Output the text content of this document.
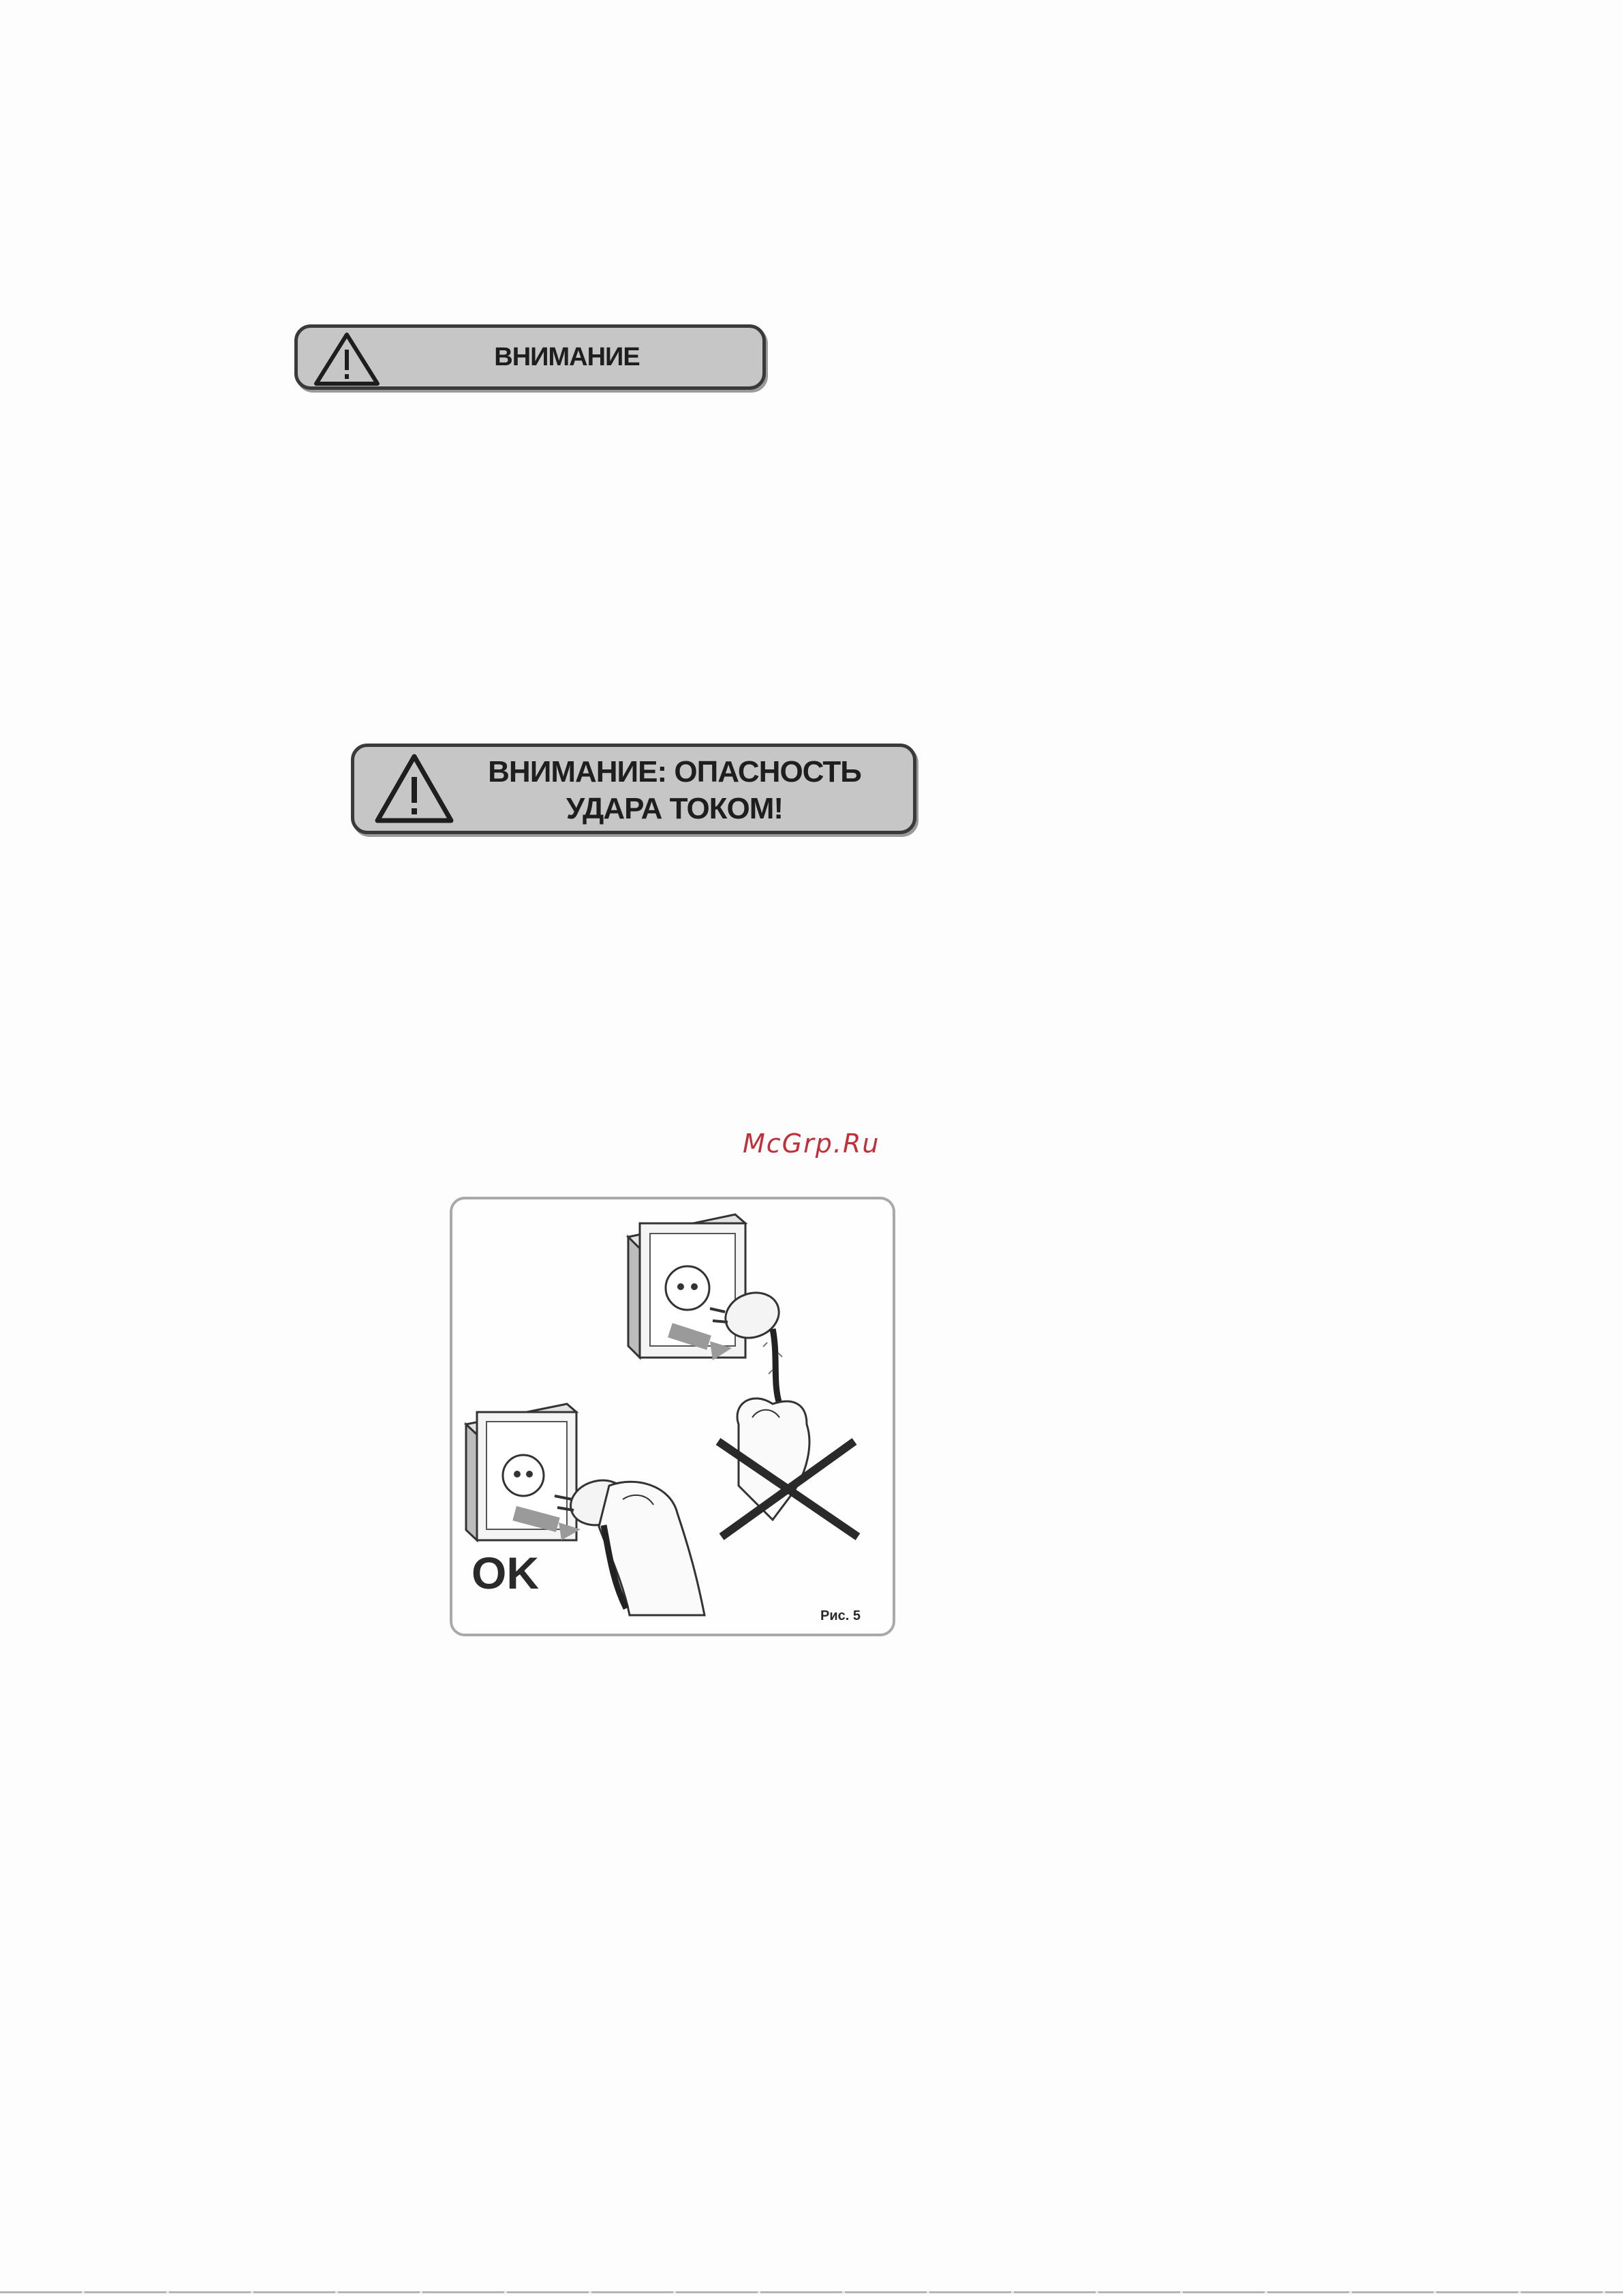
ВНИМАНИЕ
ВНИМАНИЕ: ОПАСНОСТЬ
УДАРА ТОКОМ!
McGrp.Ru
OK
Рис. 5
